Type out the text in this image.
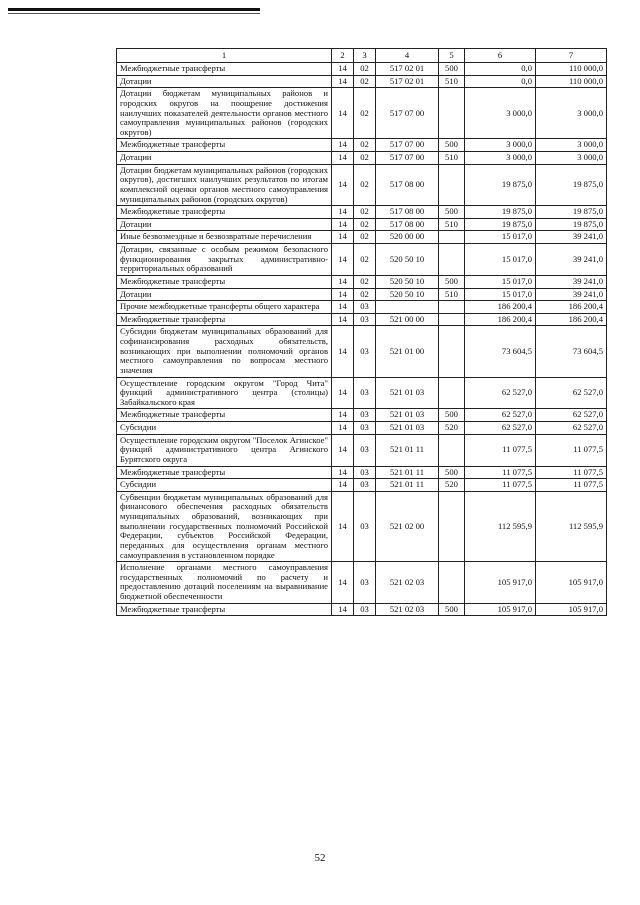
1	2	3	4	5	6	7
Межбюджетные трансферты	14	02	517 02 01	500	0,0	110 000,0
Дотации	14	02	517 02 01	510	0,0	110 000,0
Дотации бюджетам муниципальных районов и городских округов на поощрение достижения наилучших показателей деятельности органов местного самоуправления муниципальных районов (городских округов)	14	02	517 07 00		3 000,0	3 000,0
Межбюджетные трансферты	14	02	517 07 00	500	3 000,0	3 000,0
Дотации	14	02	517 07 00	510	3 000,0	3 000,0
Дотации бюджетам муниципальных районов (городских округов), достигших наилучших результатов по итогам комплексной оценки органов местного самоуправления муниципальных районов (городских округов)	14	02	517 08 00		19 875,0	19 875,0
Межбюджетные трансферты	14	02	517 08 00	500	19 875,0	19 875,0
Дотации	14	02	517 08 00	510	19 875,0	19 875,0
Иные безвозмездные и безвозвратные перечисления	14	02	520 00 00		15 017,0	39 241,0
Дотации, связанные с особым режимом безопасного функционирования закрытых административно-территориальных образований	14	02	520 50 10		15 017,0	39 241,0
Межбюджетные трансферты	14	02	520 50 10	500	15 017,0	39 241,0
Дотации	14	02	520 50 10	510	15 017,0	39 241,0
Прочие межбюджетные трансферты общего характера	14	03			186 200,4	186 200,4
Межбюджетные трансферты	14	03	521 00 00		186 200,4	186 200,4
Субсидии бюджетам муниципальных образований для софинансирования расходных обязательств, возникающих при выполнении полномочий органов местного самоуправления по вопросам местного значения	14	03	521 01 00		73 604,5	73 604,5
Осуществление городским округом "Город Чита" функций административного центра (столицы) Забайкальского края	14	03	521 01 03		62 527,0	62 527,0
Межбюджетные трансферты	14	03	521 01 03	500	62 527,0	62 527,0
Субсидии	14	03	521 01 03	520	62 527,0	62 527,0
Осуществление городским округом "Поселок Агинское" функций административного центра Агинского Бурятского округа	14	03	521 01 11		11 077,5	11 077,5
Межбюджетные трансферты	14	03	521 01 11	500	11 077,5	11 077,5
Субсидии	14	03	521 01 11	520	11 077,5	11 077,5
Субвенции бюджетам муниципальных образований для финансового обеспечения расходных обязательств муниципальных образований, возникающих при выполнении государственных полномочий Российской Федерации, субъектов Российской Федерации, переданных для осуществления органам местного самоуправления в установленном порядке	14	03	521 02 00		112 595,9	112 595,9
Исполнение органами местного самоуправления государственных полномочий по расчету и предоставлению дотаций поселениям на выравнивание бюджетной обеспеченности	14	03	521 02 03		105 917,0	105 917,0
Межбюджетные трансферты	14	03	521 02 03	500	105 917,0	105 917,0
52
